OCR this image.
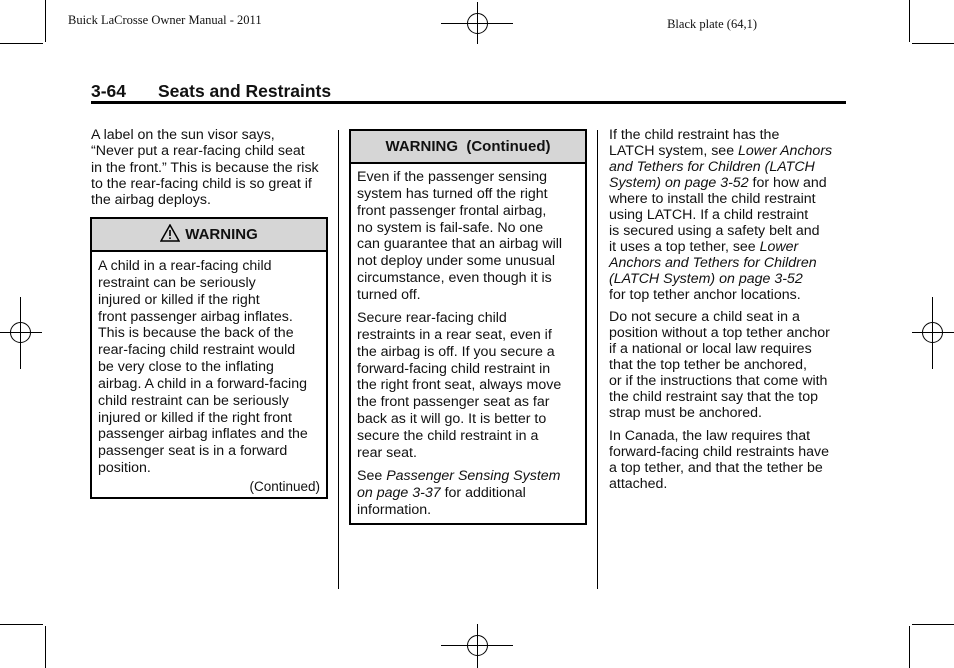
Buick LaCrosse Owner Manual - 2011	Black plate (64,1)
3-64 Seats and Restraints
A label on the sun visor says,
“Never put a rear-facing child seat
in the front.” This is because the risk
to the rear-facing child is so great if
the airbag deploys.
WARNING
A child in a rear-facing child
restraint can be seriously
injured or killed if the right
front passenger airbag inflates.
This is because the back of the
rear-facing child restraint would
be very close to the inflating
airbag. A child in a forward-facing
child restraint can be seriously
injured or killed if the right front
passenger airbag inflates and the
passenger seat is in a forward
position.
(Continued)
WARNING  (Continued)
Even if the passenger sensing
system has turned off the right
front passenger frontal airbag,
no system is fail-safe. No one
can guarantee that an airbag will
not deploy under some unusual
circumstance, even though it is
turned off.
Secure rear-facing child
restraints in a rear seat, even if
the airbag is off. If you secure a
forward-facing child restraint in
the right front seat, always move
the front passenger seat as far
back as it will go. It is better to
secure the child restraint in a
rear seat.
See Passenger Sensing System
on page 3-37 for additional
information.
If the child restraint has the
LATCH system, see Lower Anchors
and Tethers for Children (LATCH
System) on page 3-52 for how and
where to install the child restraint
using LATCH. If a child restraint
is secured using a safety belt and
it uses a top tether, see Lower
Anchors and Tethers for Children
(LATCH System) on page 3-52
for top tether anchor locations.
Do not secure a child seat in a
position without a top tether anchor
if a national or local law requires
that the top tether be anchored,
or if the instructions that come with
the child restraint say that the top
strap must be anchored.
In Canada, the law requires that
forward-facing child restraints have
a top tether, and that the tether be
attached.
